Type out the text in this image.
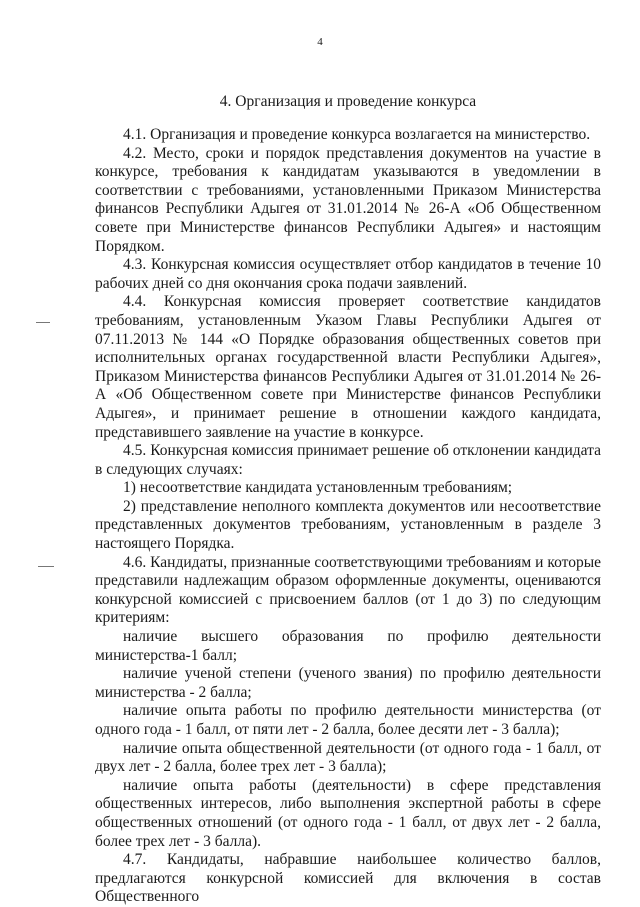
4
4. Организация и проведение конкурса

4.1. Организация и проведение конкурса возлагается на министерство.

4.2. Место, сроки и порядок представления документов на участие в конкурсе, требования к кандидатам указываются в уведомлении в соответствии с требованиями, установленными Приказом Министерства финансов Республики Адыгея от 31.01.2014 № 26-А «Об Общественном совете при Министерстве финансов Республики Адыгея» и настоящим Порядком.

4.3. Конкурсная комиссия осуществляет отбор кандидатов в течение 10 рабочих дней со дня окончания срока подачи заявлений.

4.4. Конкурсная комиссия проверяет соответствие кандидатов требованиям, установленным Указом Главы Республики Адыгея от 07.11.2013 № 144 «О Порядке образования общественных советов при исполнительных органах государственной власти Республики Адыгея», Приказом Министерства финансов Республики Адыгея от 31.01.2014 № 26-А «Об Общественном совете при Министерстве финансов Республики Адыгея», и принимает решение в отношении каждого кандидата, представившего заявление на участие в конкурсе.

4.5. Конкурсная комиссия принимает решение об отклонении кандидата в следующих случаях:

1) несоответствие кандидата установленным требованиям;

2) представление неполного комплекта документов или несоответствие представленных документов требованиям, установленным в разделе 3 настоящего Порядка.

4.6. Кандидаты, признанные соответствующими требованиям и которые представили надлежащим образом оформленные документы, оцениваются конкурсной комиссией с присвоением баллов (от 1 до 3) по следующим критериям:

наличие высшего образования по профилю деятельности министерства-1 балл;

наличие ученой степени (ученого звания) по профилю деятельности министерства - 2 балла;

наличие опыта работы по профилю деятельности министерства (от одного года - 1 балл, от пяти лет - 2 балла, более десяти лет - 3 балла);

наличие опыта общественной деятельности (от одного года - 1 балл, от двух лет - 2 балла, более трех лет - 3 балла);

наличие опыта работы (деятельности) в сфере представления общественных интересов, либо выполнения экспертной работы в сфере общественных отношений (от одного года - 1 балл, от двух лет - 2 балла, более трех лет - 3 балла).

4.7. Кандидаты, набравшие наибольшее количество баллов, предлагаются конкурсной комиссией для включения в состав Общественного
